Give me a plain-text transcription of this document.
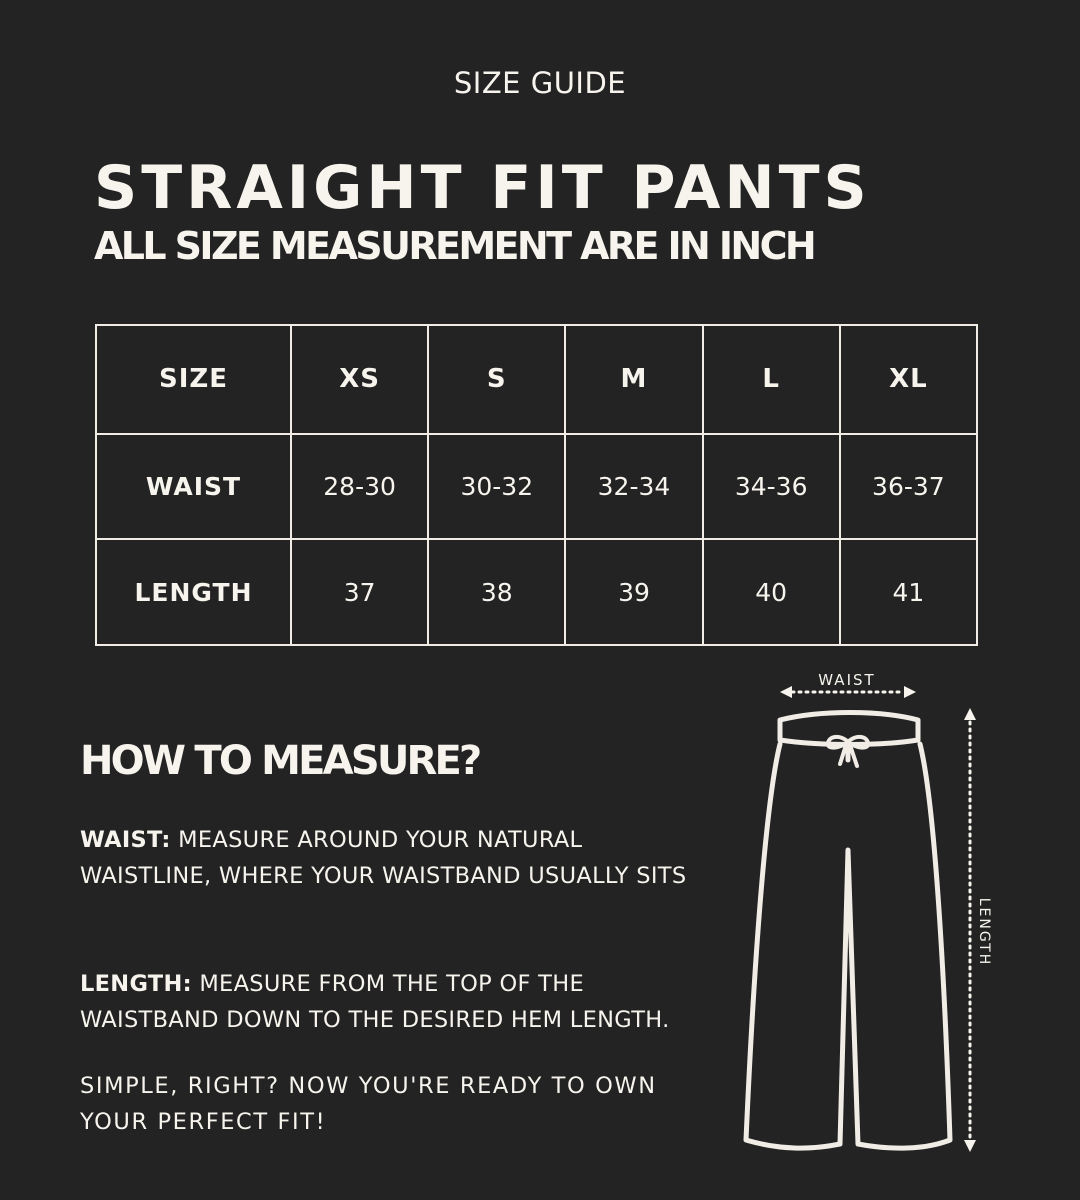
SIZE GUIDE
STRAIGHT FIT PANTS
ALL SIZE MEASUREMENT ARE IN INCH
SIZE	XS	S	M	L	XL
WAIST	28-30	30-32	32-34	34-36	36-37
LENGTH	37	38	39	40	41
HOW TO MEASURE?
WAIST: MEASURE AROUND YOUR NATURAL WAISTLINE, WHERE YOUR WAISTBAND USUALLY SITS
LENGTH: MEASURE FROM THE TOP OF THE WAISTBAND DOWN TO THE DESIRED HEM LENGTH.
SIMPLE, RIGHT? NOW YOU'RE READY TO OWN YOUR PERFECT FIT!
WAIST
LENGTH
